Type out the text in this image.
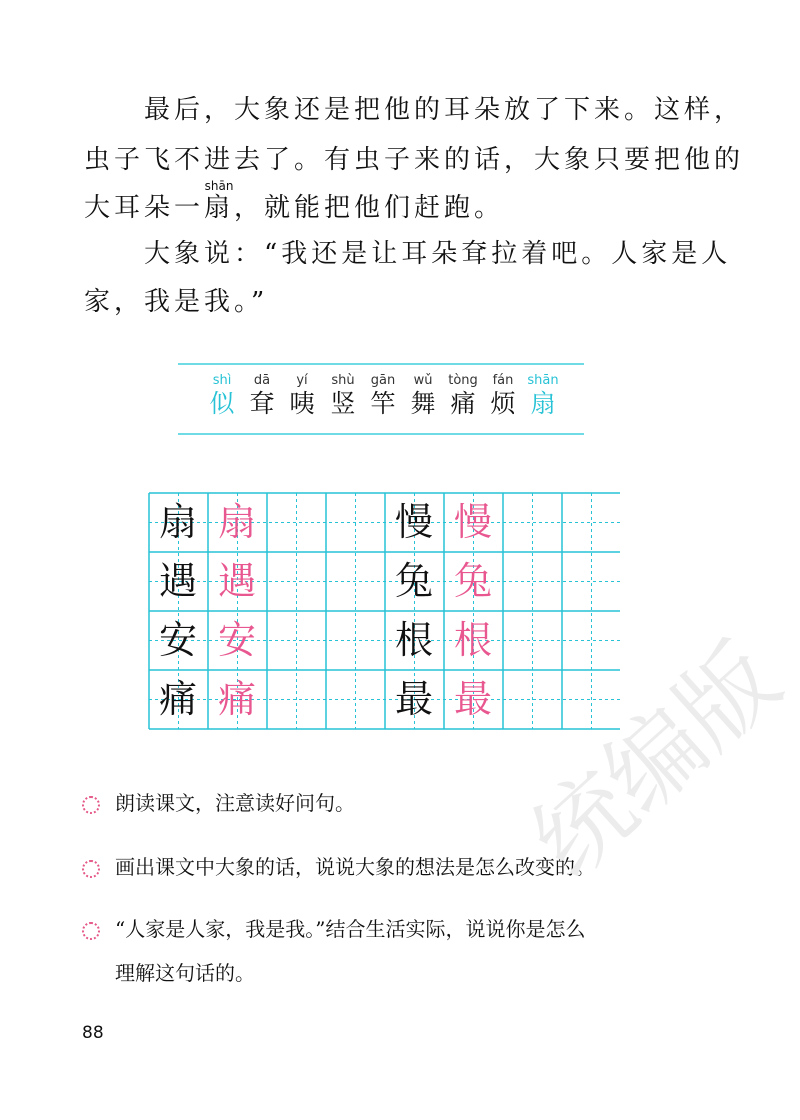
　　最后，大象还是把他的耳朵放了下来。这样，
虫子飞不进去了。有虫子来的话，大象只要把他的
大耳朵一
shān
扇，就能把他们赶跑。
　　大象说：“我还是让耳朵耷拉着吧。人家是人
家，我是我。”
shì
似
dā
耷
yí
咦
shù
竖
gān
竿
wǔ
舞
tòng
痛
fán
烦
shān
扇
扇 扇	慢 慢
遇 遇	兔 兔
安 安	根 根
痛 痛	最 最
朗读课文，注意读好问句。
画出课文中大象的话，说说大象的想法是怎么改变的。
“人家是人家，我是我。”结合生活实际，说说你是怎么
理解这句话的。
88
统编版
